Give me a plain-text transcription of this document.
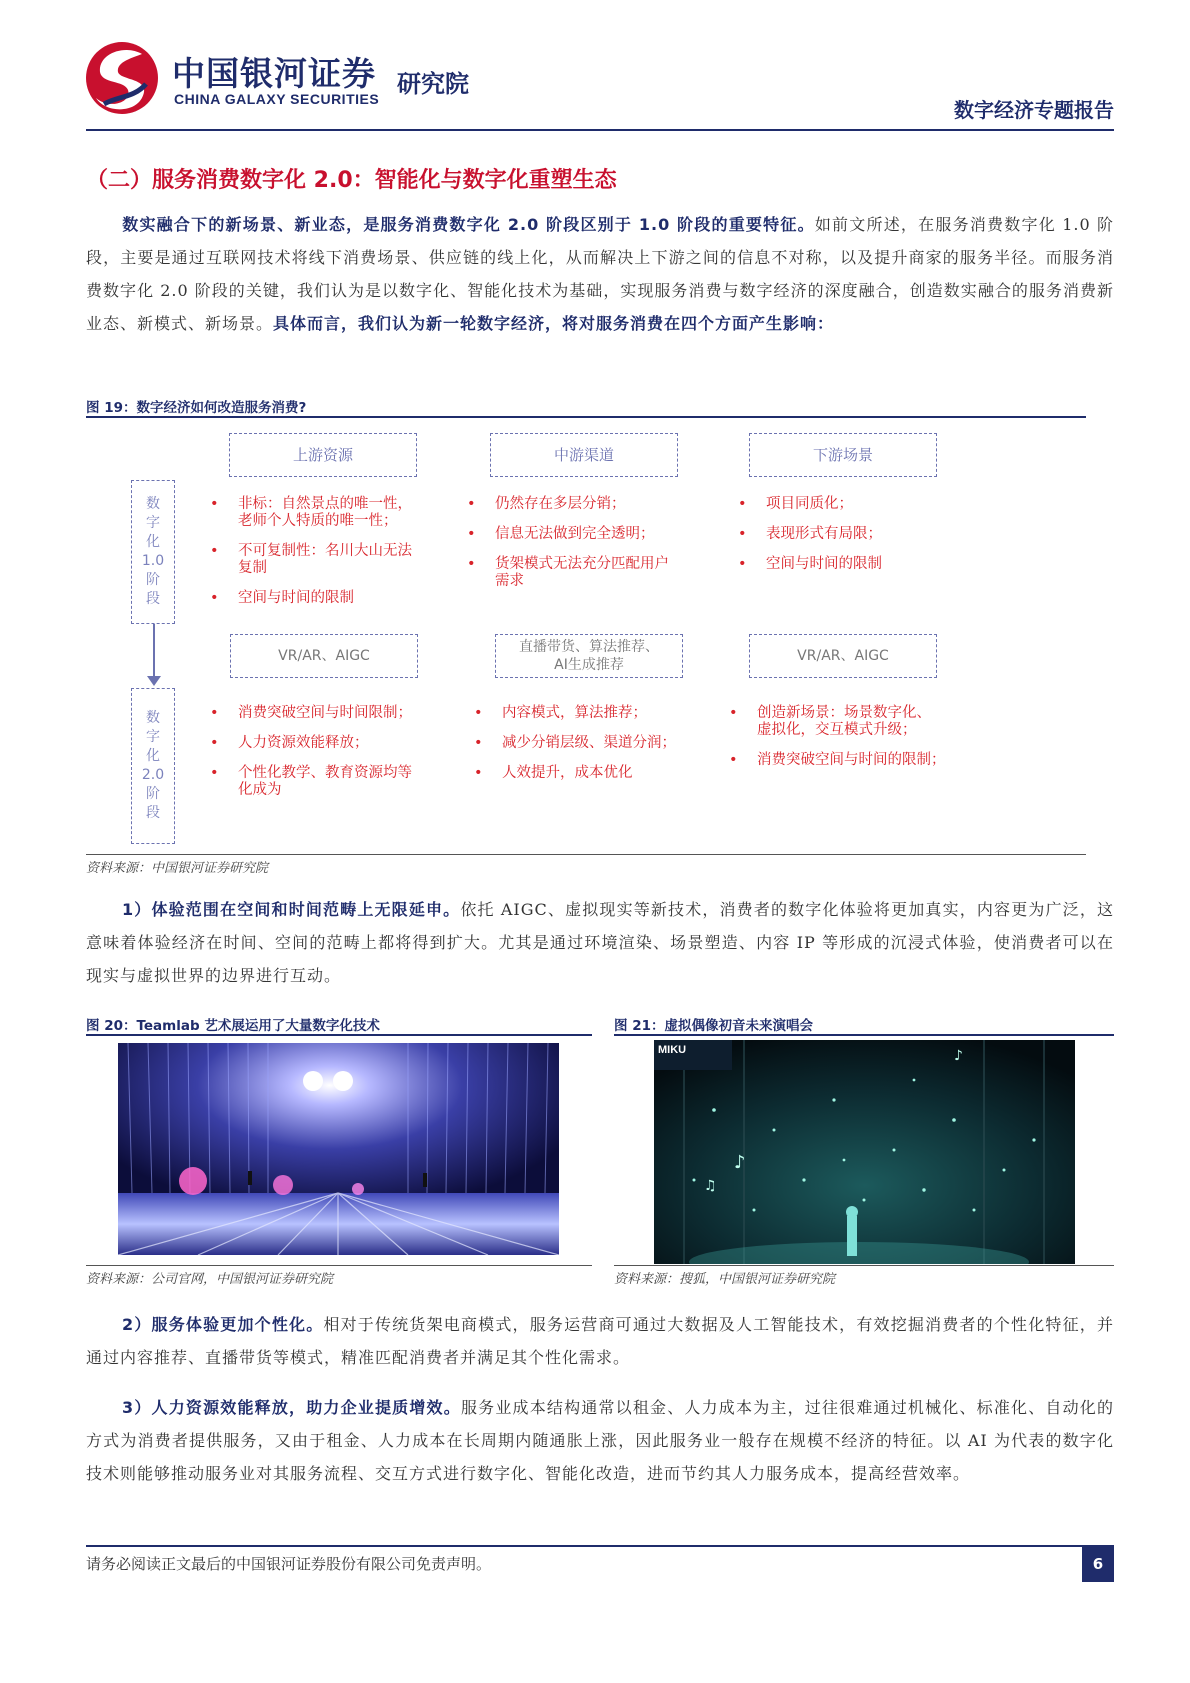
中国银河证券
CHINA GALAXY SECURITIES
研究院
数字经济专题报告
（二）服务消费数字化 2.0：智能化与数字化重塑生态
数实融合下的新场景、新业态，是服务消费数字化 2.0 阶段区别于 1.0 阶段的重要特征。如前文所述，在服务消费数字化 1.0 阶段，主要是通过互联网技术将线下消费场景、供应链的线上化，从而解决上下游之间的信息不对称，以及提升商家的服务半径。而服务消费数字化 2.0 阶段的关键，我们认为是以数字化、智能化技术为基础，实现服务消费与数字经济的深度融合，创造数实融合的服务消费新业态、新模式、新场景。具体而言，我们认为新一轮数字经济，将对服务消费在四个方面产生影响：
图 19：数字经济如何改造服务消费?
数
字
化
1.0
阶
段
数
字
化
2.0
阶
段
上游资源	中游渠道	下游场景
• 非标：自然景点的唯一性，
老师个人特质的唯一性；
• 不可复制性：名川大山无法
复制
• 空间与时间的限制
• 仍然存在多层分销；
• 信息无法做到完全透明；
• 货架模式无法充分匹配用户
需求
• 项目同质化；
• 表现形式有局限；
• 空间与时间的限制
VR/AR、AIGC
直播带货、算法推荐、
AI生成推荐
VR/AR、AIGC
• 消费突破空间与时间限制；
• 人力资源效能释放；
• 个性化教学、教育资源均等
化成为
• 内容模式，算法推荐；
• 减少分销层级、渠道分润；
• 人效提升，成本优化
• 创造新场景：场景数字化、
虚拟化，交互模式升级；
• 消费突破空间与时间的限制；
资料来源：中国银河证券研究院
1）体验范围在空间和时间范畴上无限延申。依托 AIGC、虚拟现实等新技术，消费者的数字化体验将更加真实，内容更为广泛，这意味着体验经济在时间、空间的范畴上都将得到扩大。尤其是通过环境渲染、场景塑造、内容 IP 等形成的沉浸式体验，使消费者可以在现实与虚拟世界的边界进行互动。
图 20：Teamlab 艺术展运用了大量数字化技术
资料来源：公司官网，中国银河证券研究院
图 21：虚拟偶像初音未来演唱会
♪
♪
♫
MIKU
资料来源：搜狐，中国银河证券研究院
2）服务体验更加个性化。相对于传统货架电商模式，服务运营商可通过大数据及人工智能技术，有效挖掘消费者的个性化特征，并通过内容推荐、直播带货等模式，精准匹配消费者并满足其个性化需求。
3）人力资源效能释放，助力企业提质增效。服务业成本结构通常以租金、人力成本为主，过往很难通过机械化、标准化、自动化的方式为消费者提供服务，又由于租金、人力成本在长周期内随通胀上涨，因此服务业一般存在规模不经济的特征。以 AI 为代表的数字化技术则能够推动服务业对其服务流程、交互方式进行数字化、智能化改造，进而节约其人力服务成本，提高经营效率。
请务必阅读正文最后的中国银河证券股份有限公司免责声明。	6
